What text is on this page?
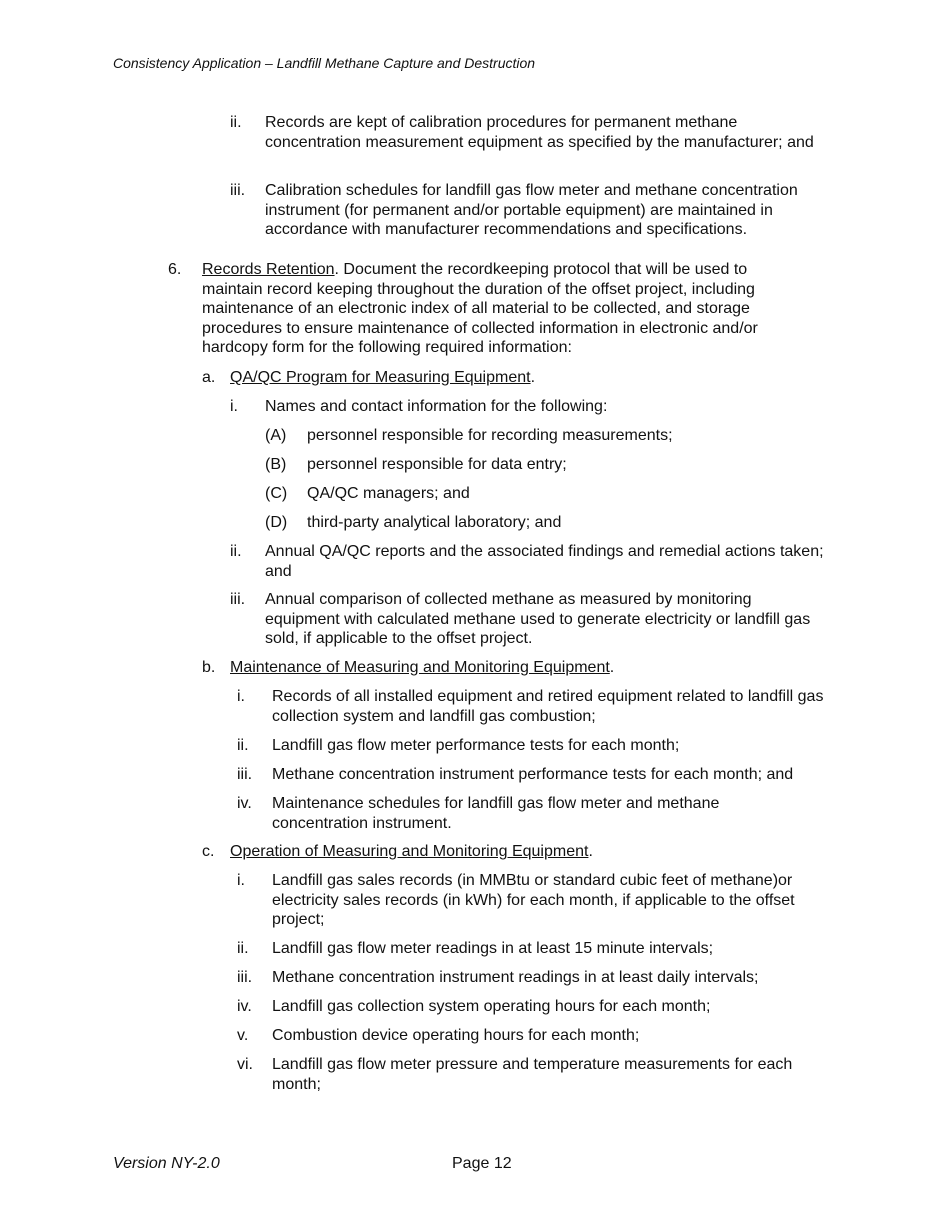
Consistency Application – Landfill Methane Capture and Destruction
ii. Records are kept of calibration procedures for permanent methane concentration measurement equipment as specified by the manufacturer; and
iii. Calibration schedules for landfill gas flow meter and methane concentration instrument (for permanent and/or portable equipment) are maintained in accordance with manufacturer recommendations and specifications.
6. Records Retention. Document the recordkeeping protocol that will be used to maintain record keeping throughout the duration of the offset project, including maintenance of an electronic index of all material to be collected, and storage procedures to ensure maintenance of collected information in electronic and/or hardcopy form for the following required information:
a. QA/QC Program for Measuring Equipment.
i. Names and contact information for the following:
(A) personnel responsible for recording measurements;
(B) personnel responsible for data entry;
(C) QA/QC managers; and
(D) third-party analytical laboratory; and
ii. Annual QA/QC reports and the associated findings and remedial actions taken; and
iii. Annual comparison of collected methane as measured by monitoring equipment with calculated methane used to generate electricity or landfill gas sold, if applicable to the offset project.
b. Maintenance of Measuring and Monitoring Equipment.
i. Records of all installed equipment and retired equipment related to landfill gas collection system and landfill gas combustion;
ii. Landfill gas flow meter performance tests for each month;
iii. Methane concentration instrument performance tests for each month; and
iv. Maintenance schedules for landfill gas flow meter and methane concentration instrument.
c. Operation of Measuring and Monitoring Equipment.
i. Landfill gas sales records (in MMBtu or standard cubic feet of methane)or electricity sales records (in kWh) for each month, if applicable to the offset project;
ii. Landfill gas flow meter readings in at least 15 minute intervals;
iii. Methane concentration instrument readings in at least daily intervals;
iv. Landfill gas collection system operating hours for each month;
v. Combustion device operating hours for each month;
vi. Landfill gas flow meter pressure and temperature measurements for each month;
Version NY-2.0	Page 12
